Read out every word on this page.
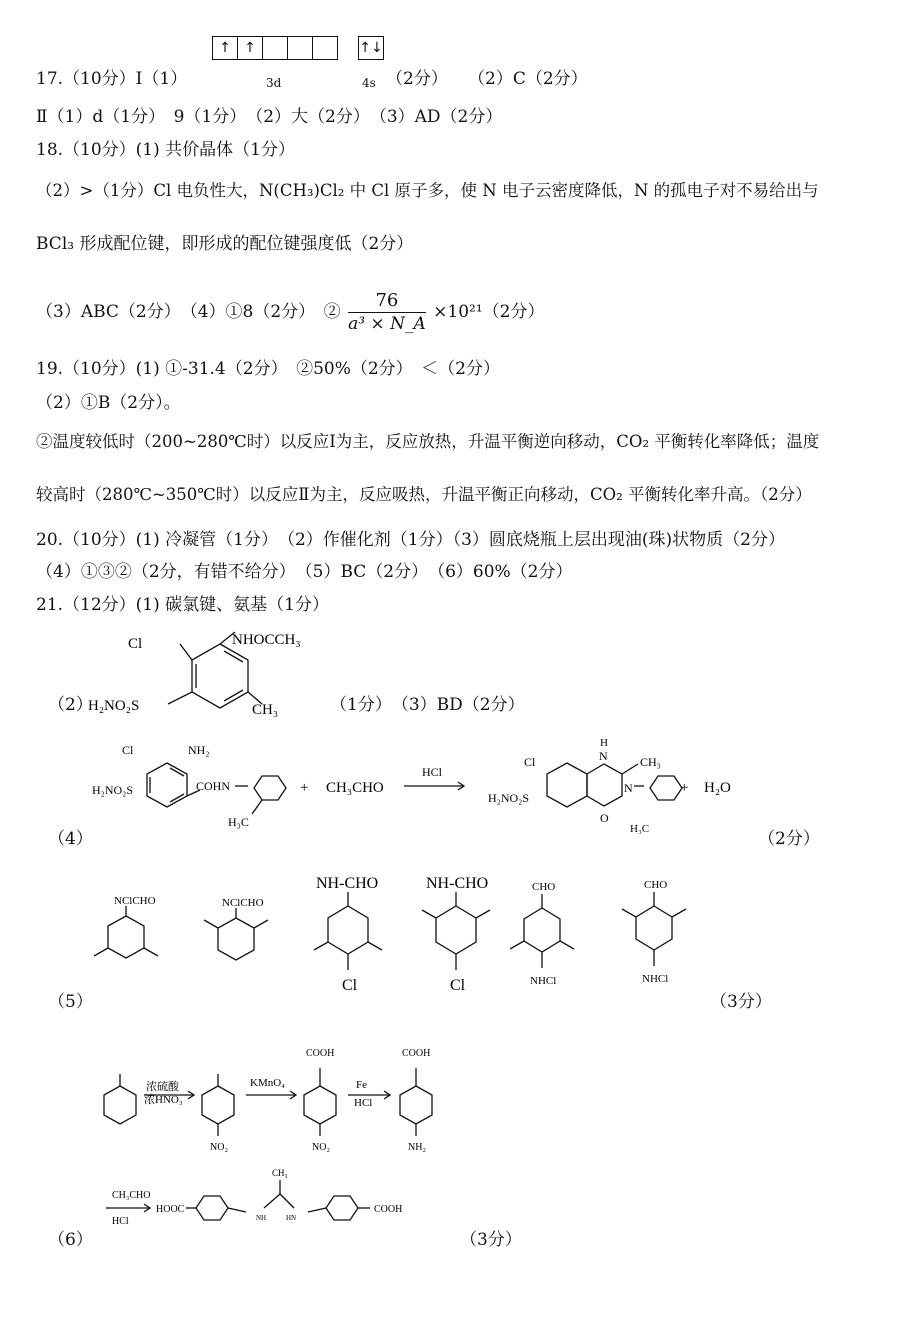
↑ ↑	↑↓
17.（10分）Ⅰ（1）	3d	4s （2分） （2）C（2分）
Ⅱ（1）d（1分）　9（1分）　（2）大（2分）　（3）AD（2分）
18.（10分）(1) 共价晶体（1分）
（2）>（1分）Cl 电负性大，N(CH₃)Cl₂ 中 Cl 原子多，使 N 电子云密度降低，N 的孤电子对不易给出与
BCl₃ 形成配位键，即形成的配位键强度低（2分）
（3）ABC（2分）　（4）①8（2分）　② $\frac{76}{\text{a³ × N\_A}} \times 10^{21}(2$分）
19.（10分）(1) ①-31.4（2分）　②50%（2分）　＜（2分）
（2）①B（2分）。
②温度较低时（200~280℃时）以反应Ⅰ为主，反应放热，升温平衡逆向移动，CO₂ 平衡转化率降低；温度
较高时（280℃~350℃时）以反应Ⅱ为主，反应吸热，升温平衡正向移动，CO₂ 平衡转化率升高。（2分）
20.（10分）(1) 冷凝管（1分）　（2）作催化剂（1分）（3）圆底烧瓶上层出现油(珠)状物质（2分）
（4）①③②（2分，有错不给分）　（5）BC（2分）　（6）60%（2分）
21.（12分）(1) 碳氯键、氨基（1分）
（2）
Cl	NHOCCH₃
H₂NO₂S	CH₃	（1分）　（3）BD（2分）
Cl	NH₂
H₂NO₂S	COHN
H₃C
+ CH₃CHO
HCl
Cl
H
N	CH₃
H₂NO₂S
N
O
H₃C
+ H₂O
（4）	（2分）
NClCHO	NClCHO
NH-CHO
Cl
NH-CHO
Cl
CHO
NHCl
CHO
NHCl
（5）	（3分）
浓硫酸
浓HNO₃
NO₂
KMnO₄
COOH
NO₂
Fe
HCl
COOH
NH₂
CH₃CHO
HCl
HOOC
NH
CH₃
HN
COOH
（6）	（3分）
